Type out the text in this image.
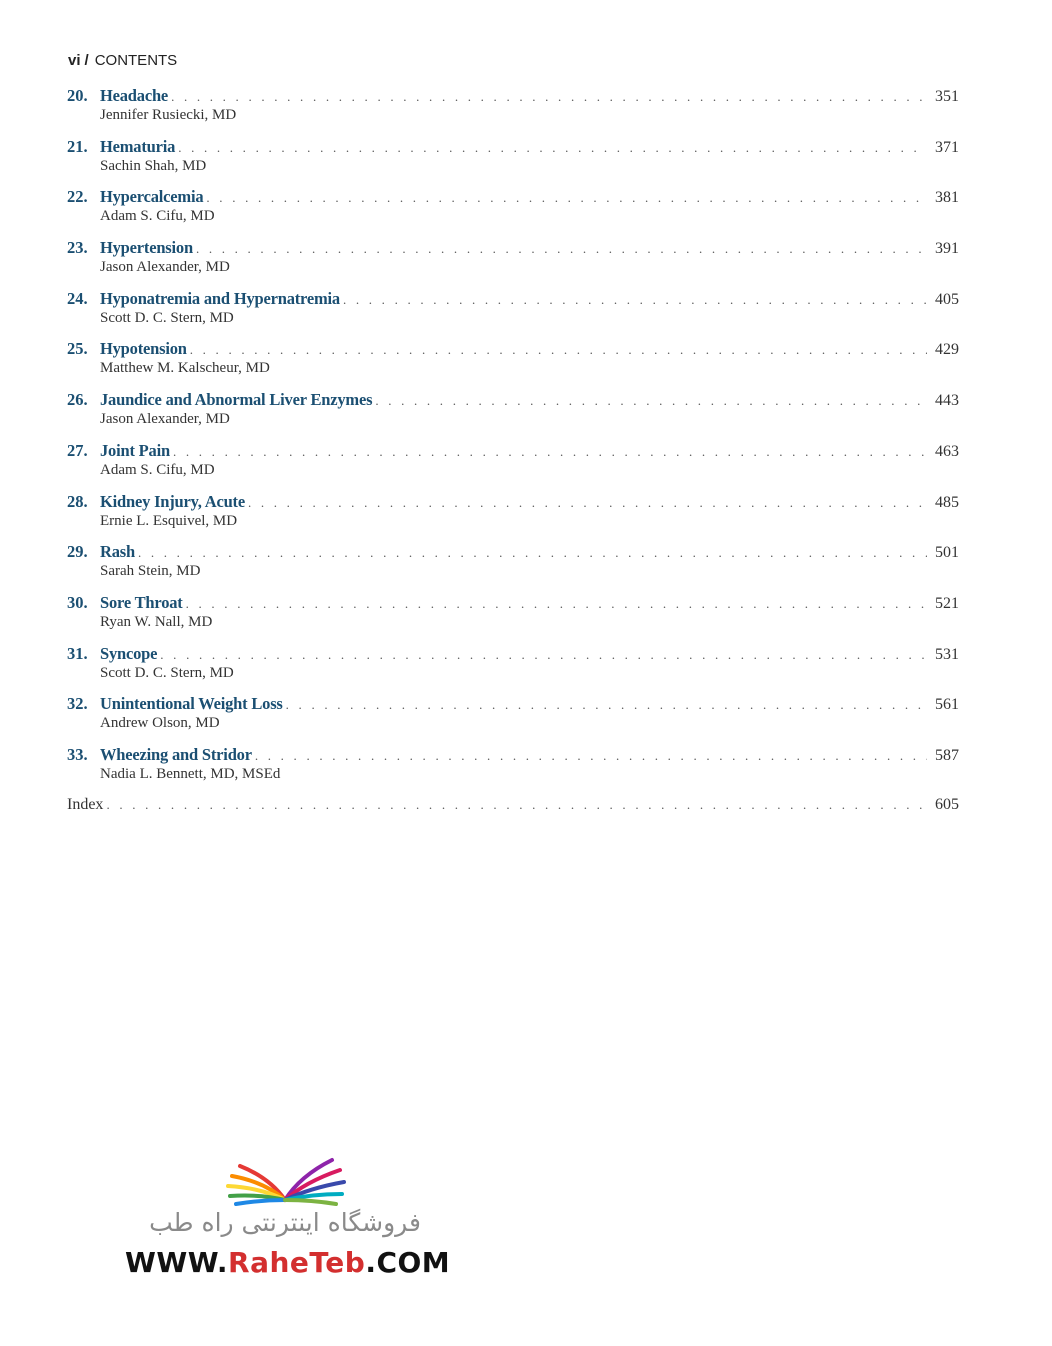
vi / CONTENTS
20. Headache . . .	351
Jennifer Rusiecki, MD
21. Hematuria . . .	371
Sachin Shah, MD
22. Hypercalcemia . . .	381
Adam S. Cifu, MD
23. Hypertension . . .	391
Jason Alexander, MD
24. Hyponatremia and Hypernatremia . . .	405
Scott D. C. Stern, MD
25. Hypotension . . .	429
Matthew M. Kalscheur, MD
26. Jaundice and Abnormal Liver Enzymes . . .	443
Jason Alexander, MD
27. Joint Pain . . .	463
Adam S. Cifu, MD
28. Kidney Injury, Acute . . .	485
Ernie L. Esquivel, MD
29. Rash . . .	501
Sarah Stein, MD
30. Sore Throat . . .	521
Ryan W. Nall, MD
31. Syncope . . .	531
Scott D. C. Stern, MD
32. Unintentional Weight Loss . . .	561
Andrew Olson, MD
33. Wheezing and Stridor . . .	587
Nadia L. Bennett, MD, MSEd
Index . . .	605
فروشگاه اینترنتی راه طب
WWW.RaheTeb.COM
